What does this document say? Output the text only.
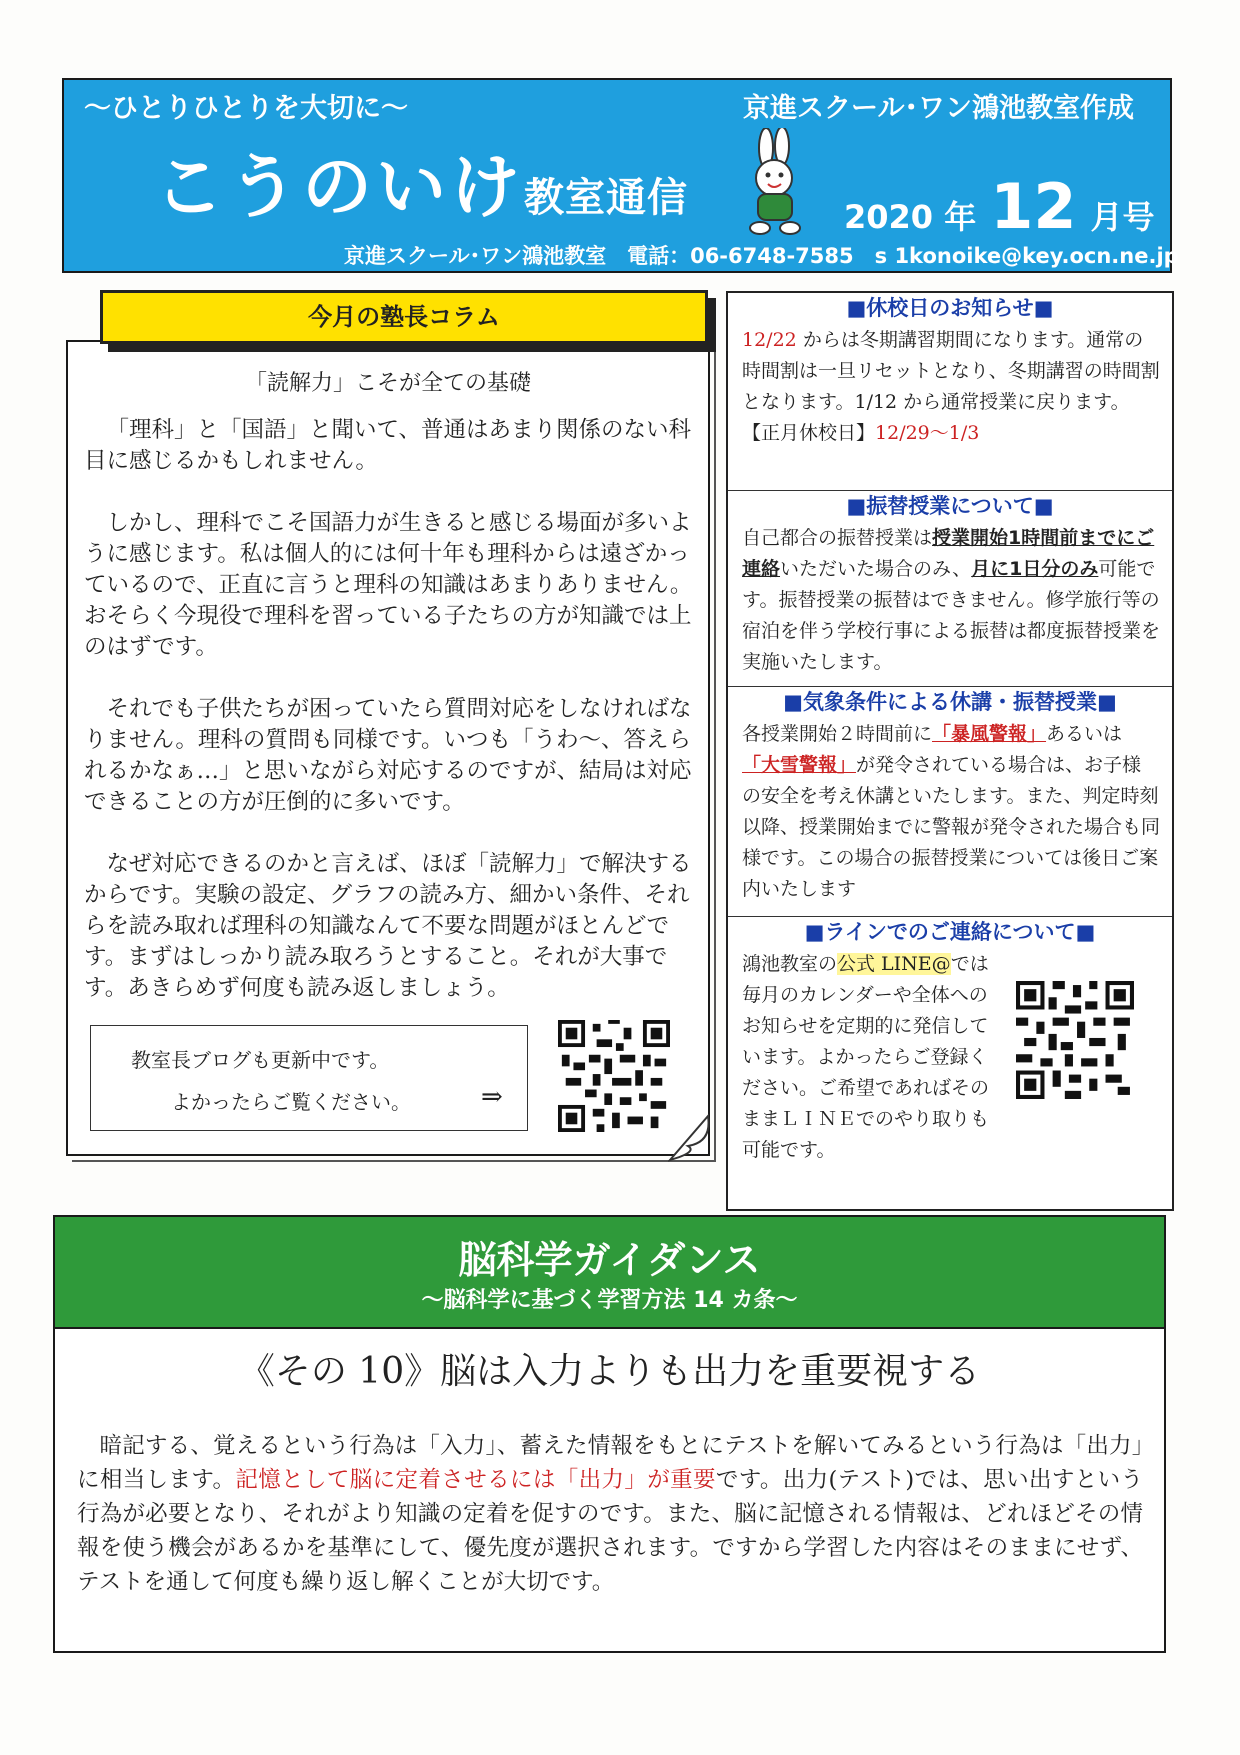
〜ひとりひとりを大切に〜	京進スクール･ワン鴻池教室作成
こうのいけ教室通信	2020 年 12 月号
京進スクール･ワン鴻池教室　電話：06-6748-7585　s 1konoike@key.ocn.ne.jp
今月の塾長コラム
「読解力」こそが全ての基礎

「理科」と「国語」と聞いて、普通はあまり関係のない科目に感じるかもしれません。

しかし、理科でこそ国語力が生きると感じる場面が多いように感じます。私は個人的には何十年も理科からは遠ざかっているので、正直に言うと理科の知識はあまりありません。おそらく今現役で理科を習っている子たちの方が知識では上のはずです。

それでも子供たちが困っていたら質問対応をしなければなりません。理科の質問も同様です。いつも「うわ〜、答えられるかなぁ…」と思いながら対応するのですが、結局は対応できることの方が圧倒的に多いです。

なぜ対応できるのかと言えば、ほぼ「読解力」で解決するからです。実験の設定、グラフの読み方、細かい条件、それらを読み取れば理科の知識なんて不要な問題がほとんどです。まずはしっかり読み取ろうとすること。それが大事です。あきらめず何度も読み返しましょう。

教室長ブログも更新中です。
よかったらご覧ください。	⇒
■休校日のお知らせ■
12/22 からは冬期講習期間になります。通常の時間割は一旦リセットとなり、冬期講習の時間割となります。1/12 から通常授業に戻ります。
【正月休校日】12/29〜1/3
■振替授業について■
自己都合の振替授業は授業開始1時間前までにご連絡いただいた場合のみ、月に1日分のみ可能です。振替授業の振替はできません。修学旅行等の宿泊を伴う学校行事による振替は都度振替授業を実施いたします。
■気象条件による休講・振替授業■
各授業開始２時間前に「暴風警報」あるいは「大雪警報」が発令されている場合は、お子様の安全を考え休講といたします。また、判定時刻以降、授業開始までに警報が発令された場合も同様です。この場合の振替授業については後日ご案内いたします
■ラインでのご連絡について■
鴻池教室の公式 LINE@では毎月のカレンダーや全体へのお知らせを定期的に発信しています。よかったらご登録ください。ご希望であればそのままＬＩＮＥでのやり取りも可能です。
脳科学ガイダンス
〜脳科学に基づく学習方法 14 カ条〜
《その 10》脳は入力よりも出力を重要視する
暗記する、覚えるという行為は「入力」、蓄えた情報をもとにテストを解いてみるという行為は「出力」に相当します。記憶として脳に定着させるには「出力」が重要です。出力(テスト)では、思い出すという行為が必要となり、それがより知識の定着を促すのです。また、脳に記憶される情報は、どれほどその情報を使う機会があるかを基準にして、優先度が選択されます。ですから学習した内容はそのままにせず、テストを通して何度も繰り返し解くことが大切です。
